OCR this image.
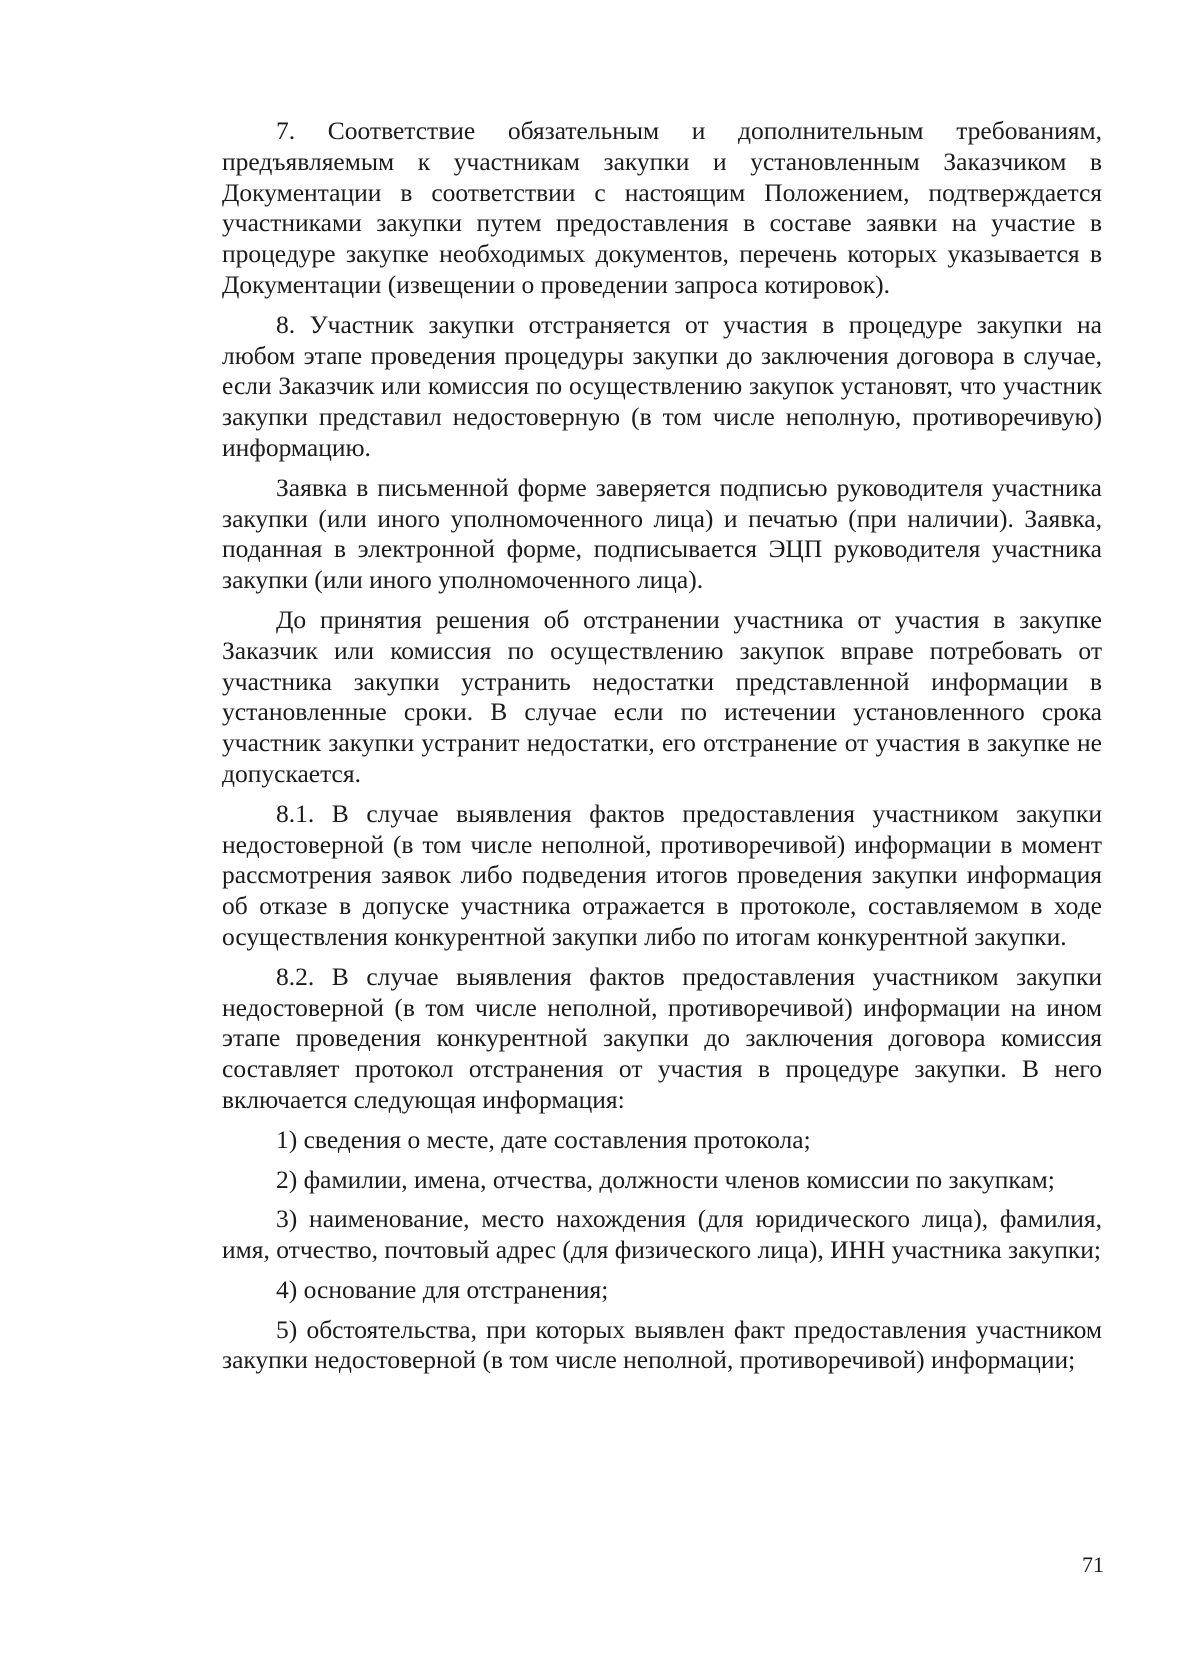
7. Соответствие обязательным и дополнительным требованиям, предъявляемым к участникам закупки и установленным Заказчиком в Документации в соответствии с настоящим Положением, подтверждается участниками закупки путем предоставления в составе заявки на участие в процедуре закупке необходимых документов, перечень которых указывается в Документации (извещении о проведении запроса котировок).

8. Участник закупки отстраняется от участия в процедуре закупки на любом этапе проведения процедуры закупки до заключения договора в случае, если Заказчик или комиссия по осуществлению закупок установят, что участник закупки представил недостоверную (в том числе неполную, противоречивую) информацию.

Заявка в письменной форме заверяется подписью руководителя участника закупки (или иного уполномоченного лица) и печатью (при наличии). Заявка, поданная в электронной форме, подписывается ЭЦП руководителя участника закупки (или иного уполномоченного лица).

До принятия решения об отстранении участника от участия в закупке Заказчик или комиссия по осуществлению закупок вправе потребовать от участника закупки устранить недостатки представленной информации в установленные сроки. В случае если по истечении установленного срока участник закупки устранит недостатки, его отстранение от участия в закупке не допускается.

8.1. В случае выявления фактов предоставления участником закупки недостоверной (в том числе неполной, противоречивой) информации в момент рассмотрения заявок либо подведения итогов проведения закупки информация об отказе в допуске участника отражается в протоколе, составляемом в ходе осуществления конкурентной закупки либо по итогам конкурентной закупки.

8.2. В случае выявления фактов предоставления участником закупки недостоверной (в том числе неполной, противоречивой) информации на ином этапе проведения конкурентной закупки до заключения договора комиссия составляет протокол отстранения от участия в процедуре закупки. В него включается следующая информация:

1) сведения о месте, дате составления протокола;

2) фамилии, имена, отчества, должности членов комиссии по закупкам;

3) наименование, место нахождения (для юридического лица), фамилия, имя, отчество, почтовый адрес (для физического лица), ИНН участника закупки;

4) основание для отстранения;

5) обстоятельства, при которых выявлен факт предоставления участником закупки недостоверной (в том числе неполной, противоречивой) информации;

71
